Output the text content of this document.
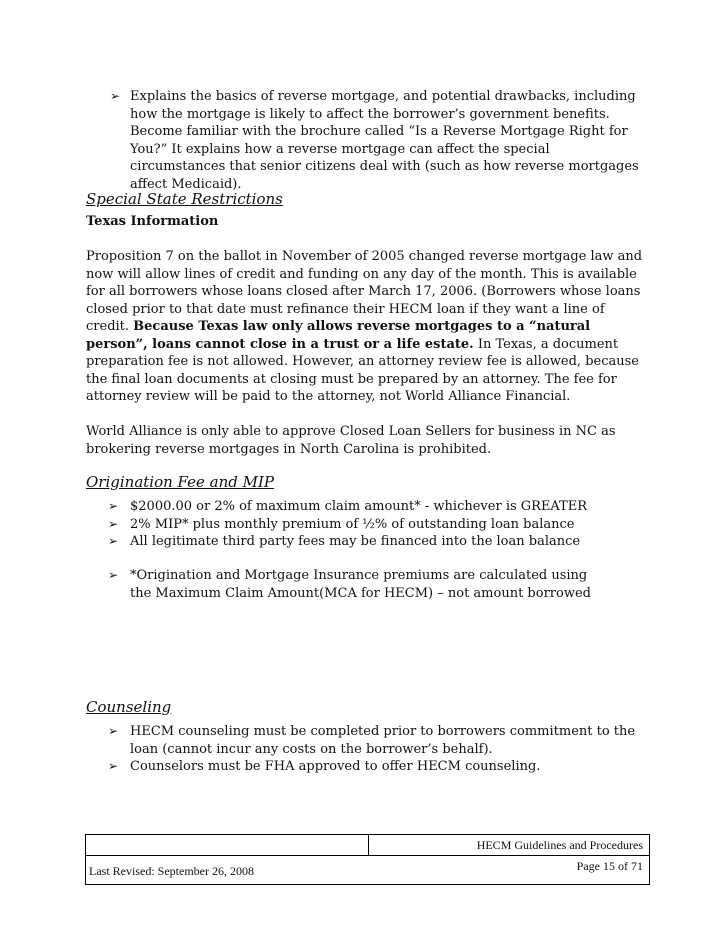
➢ Explains the basics of reverse mortgage, and potential drawbacks, including how the mortgage is likely to affect the borrower’s government benefits. Become familiar with the brochure called “Is a Reverse Mortgage Right for You?” It explains how a reverse mortgage can affect the special circumstances that senior citizens deal with (such as how reverse mortgages affect Medicaid).
Special State Restrictions
Texas Information

Proposition 7 on the ballot in November of 2005 changed reverse mortgage law and now will allow lines of credit and funding on any day of the month. This is available for all borrowers whose loans closed after March 17, 2006. (Borrowers whose loans closed prior to that date must refinance their HECM loan if they want a line of credit. Because Texas law only allows reverse mortgages to a “natural person”, loans cannot close in a trust or a life estate. In Texas, a document preparation fee is not allowed. However, an attorney review fee is allowed, because the final loan documents at closing must be prepared by an attorney. The fee for attorney review will be paid to the attorney, not World Alliance Financial.

World Alliance is only able to approve Closed Loan Sellers for business in NC as brokering reverse mortgages in North Carolina is prohibited.

Origination Fee and MIP
➢ $2000.00 or 2% of maximum claim amount* - whichever is GREATER
➢ 2% MIP* plus monthly premium of ½% of outstanding loan balance
➢ All legitimate third party fees may be financed into the loan balance
➢ *Origination and Mortgage Insurance premiums are calculated using the Maximum Claim Amount(MCA for HECM) – not amount borrowed
Counseling
➢ HECM counseling must be completed prior to borrowers commitment to the loan (cannot incur any costs on the borrower’s behalf).
➢ Counselors must be FHA approved to offer HECM counseling.
HECM Guidelines and Procedures
Last Revised: September 26, 2008	Page 15 of 71
